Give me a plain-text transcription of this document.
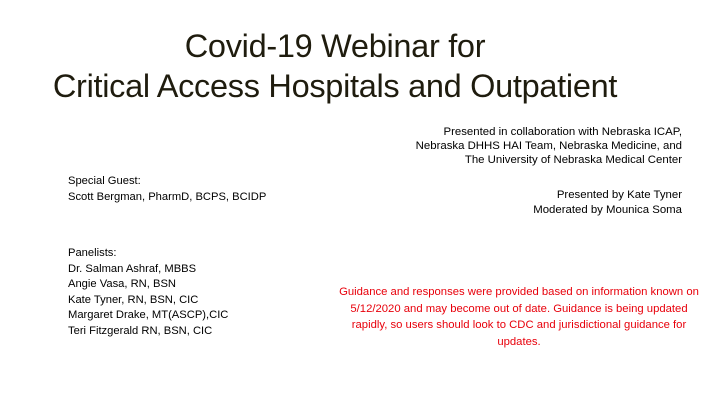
Covid-19 Webinar for
Critical Access Hospitals and Outpatient
Presented in collaboration with Nebraska ICAP,
Nebraska DHHS HAI Team, Nebraska Medicine, and
The University of Nebraska Medical Center
Special Guest:
Scott Bergman, PharmD, BCPS, BCIDP	Presented by Kate Tyner
Moderated by Mounica Soma
Panelists:
Dr. Salman Ashraf, MBBS
Angie Vasa, RN, BSN
Kate Tyner, RN, BSN, CIC
Margaret Drake, MT(ASCP),CIC
Teri Fitzgerald RN, BSN, CIC
Guidance and responses were provided based on information known on 5/12/2020 and may become out of date. Guidance is being updated rapidly, so users should look to CDC and jurisdictional guidance for updates.
